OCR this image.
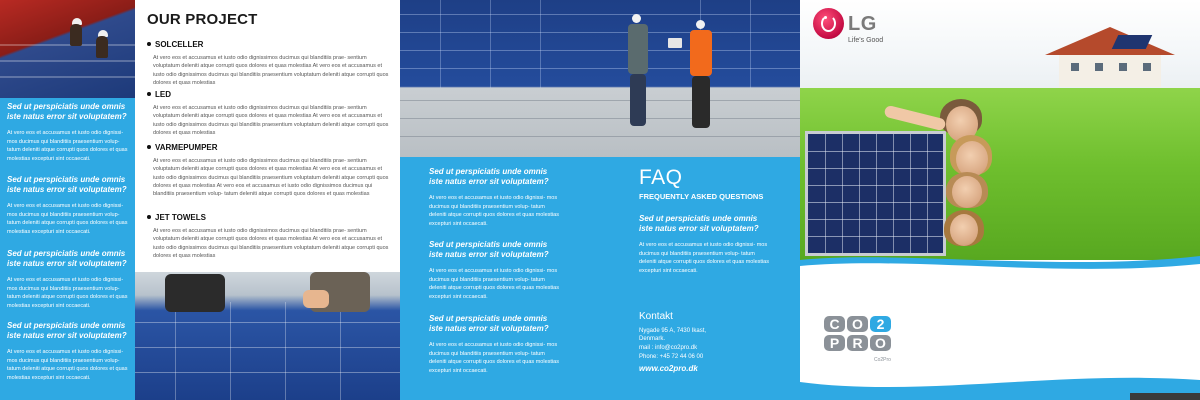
Sed ut perspiciatis unde omnis iste natus error sit voluptatem?
At vero eos et accusamus et iusto odio dignissi- mos ducimus qui blanditiis praesentium volup- tatum deleniti atque corrupti quos dolores et quas molestias excepturi sint occaecati.
Sed ut perspiciatis unde omnis iste natus error sit voluptatem?
At vero eos et accusamus et iusto odio dignissi- mos ducimus qui blanditiis praesentium volup- tatum deleniti atque corrupti quos dolores et quas molestias excepturi sint occaecati.
Sed ut perspiciatis unde omnis iste natus error sit voluptatem?
At vero eos et accusamus et iusto odio dignissi- mos ducimus qui blanditiis praesentium volup- tatum deleniti atque corrupti quos dolores et quas molestias excepturi sint occaecati.
Sed ut perspiciatis unde omnis iste natus error sit voluptatem?
At vero eos et accusamus et iusto odio dignissi- mos ducimus qui blanditiis praesentium volup- tatum deleniti atque corrupti quos dolores et quas molestias excepturi sint occaecati.
OUR PROJECT
SOLCELLER
At vero eos et accusamus et iusto odio dignissimos ducimus qui blanditiis prae- sentium voluptatum deleniti atque corrupti quos dolores et quas molestias At vero eos et accusamus et iusto odio dignissimos ducimus qui blanditiis praesentium voluptatum deleniti atque corrupti quos dolores et quas molestias
LED
At vero eos et accusamus et iusto odio dignissimos ducimus qui blanditiis prae- sentium voluptatum deleniti atque corrupti quos dolores et quas molestias At vero eos et accusamus et iusto odio dignissimos ducimus qui blanditiis praesentium voluptatum deleniti atque corrupti quos dolores et quas molestias
VARMEPUMPER
At vero eos et accusamus et iusto odio dignissimos ducimus qui blanditiis prae- sentium voluptatum deleniti atque corrupti quos dolores et quas molestias At vero eos et accusamus et iusto odio dignissimos ducimus qui blanditiis praesentium voluptatum deleniti atque corrupti quos dolores et quas molestias At vero eos et accusamus et iusto odio dignissimos ducimus qui blanditiis praesentium volup- tatum deleniti atque corrupti quos dolores et quas molestias
JET TOWELS
At vero eos et accusamus et iusto odio dignissimos ducimus qui blanditiis prae- sentium voluptatum deleniti atque corrupti quos dolores et quas molestias At vero eos et accusamus et iusto odio dignissimos ducimus qui blanditiis praesentium voluptatum deleniti atque corrupti quos dolores et quas molestias
Sed ut perspiciatis unde omnis iste natus error sit voluptatem?
At vero eos et accusamus et iusto odio dignissi- mos ducimus qui blanditiis praesentium volup- tatum deleniti atque corrupti quos dolores et quas molestias excepturi sint occaecati.
Sed ut perspiciatis unde omnis iste natus error sit voluptatem?
At vero eos et accusamus et iusto odio dignissi- mos ducimus qui blanditiis praesentium volup- tatum deleniti atque corrupti quos dolores et quas molestias excepturi sint occaecati.
Sed ut perspiciatis unde omnis iste natus error sit voluptatem?
At vero eos et accusamus et iusto odio dignissi- mos ducimus qui blanditiis praesentium volup- tatum deleniti atque corrupti quos dolores et quas molestias excepturi sint occaecati.
FAQ
FREQUENTLY ASKED QUESTIONS
Sed ut perspiciatis unde omnis iste natus error sit voluptatem?
At vero eos et accusamus et iusto odio dignissi- mos ducimus qui blanditiis praesentium volup- tatum deleniti atque corrupti quos dolores et quas molestias excepturi sint occaecati.
Kontakt
Nygade 95 A, 7430 Ikast,
Denmark.
mail : info@co2pro.dk
Phone: +45 72 44 06 00
www.co2pro.dk
LG
Life's Good
C O 2
P R O
Co2Pro
